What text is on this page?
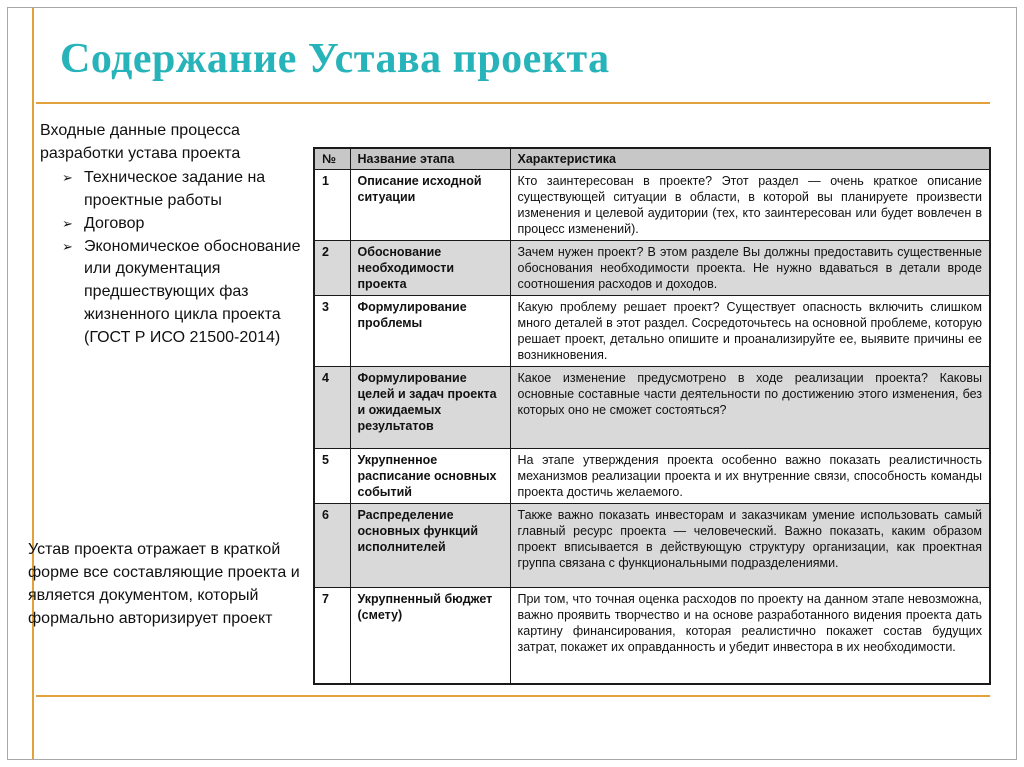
Содержание Устава проекта
Входные данные процесса разработки устава проекта
➢ Техническое задание на проектные работы
➢ Договор
➢ Экономическое обоснование или документация предшествующих фаз жизненного цикла проекта (ГОСТ Р ИСО 21500-2014)
Устав проекта отражает в краткой форме все составляющие проекта и является документом, который формально авторизирует проект
№	Название этапа	Характеристика
1	Описание исходной ситуации	Кто заинтересован в проекте? Этот раздел — очень краткое описание существующей ситуации в области, в которой вы планируете произвести изменения и целевой аудитории (тех, кто заинтересован или будет вовлечен в процесс изменений).
2	Обоснование необходимости проекта	Зачем нужен проект? В этом разделе Вы должны предоставить существенные обоснования необходимости проекта. Не нужно вдаваться в детали вроде соотношения расходов и доходов.
3	Формулирование проблемы	Какую проблему решает проект? Существует опасность включить слишком много деталей в этот раздел. Сосредоточьтесь на основной проблеме, которую решает проект, детально опишите и проанализируйте ее, выявите причины ее возникновения.
4	Формулирование целей и задач проекта и ожидаемых результатов	Какое изменение предусмотрено в ходе реализации проекта? Каковы основные составные части деятельности по достижению этого изменения, без которых оно не сможет состояться?
5	Укрупненное расписание основных событий	На этапе утверждения проекта особенно важно показать реалистичность механизмов реализации проекта и их внутренние связи, способность команды проекта достичь желаемого.
6	Распределение основных функций исполнителей	Также важно показать инвесторам и заказчикам умение использовать самый главный ресурс проекта — человеческий. Важно показать, каким образом проект вписывается в действующую структуру организации, как проектная группа связана с функциональными подразделениями.
7	Укрупненный бюджет (смету)	При том, что точная оценка расходов по проекту на данном этапе невозможна, важно проявить творчество и на основе разработанного видения проекта дать картину финансирования, которая реалистично покажет состав будущих затрат, покажет их оправданность и убедит инвестора в их необходимости.
